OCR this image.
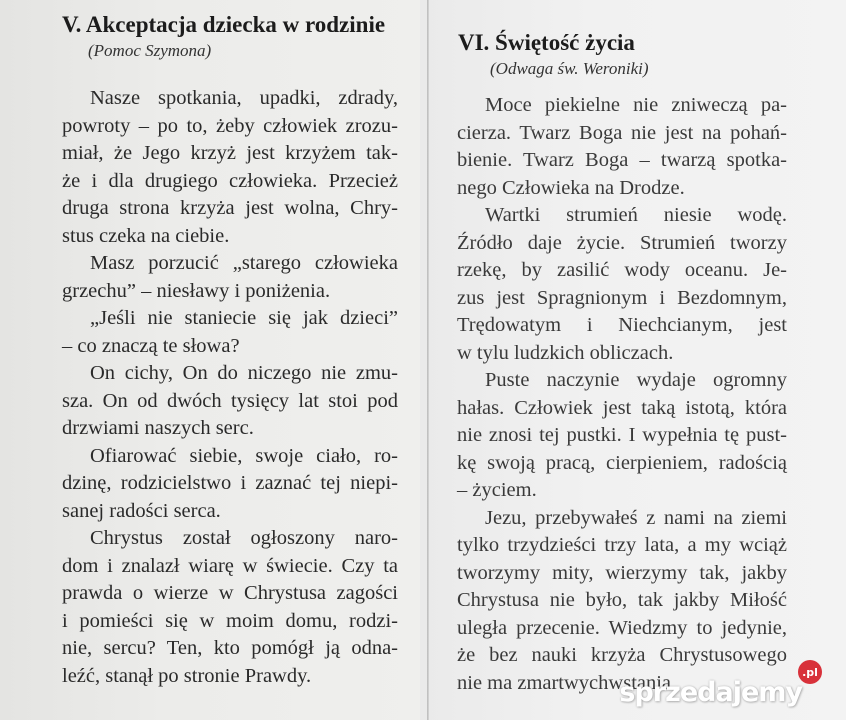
V. Akceptacja dziecka w rodzinie
(Pomoc Szymona)
Nasze spotkania, upadki, zdrady,
powroty – po to, żeby człowiek zrozu-
miał, że Jego krzyż jest krzyżem tak-
że i dla drugiego człowieka. Przecież
druga strona krzyża jest wolna, Chry-
stus czeka na ciebie.
Masz porzucić „starego człowieka
grzechu” – niesławy i poniżenia.
„Jeśli nie staniecie się jak dzieci”
– co znaczą te słowa?
On cichy, On do niczego nie zmu-
sza. On od dwóch tysięcy lat stoi pod
drzwiami naszych serc.
Ofiarować siebie, swoje ciało, ro-
dzinę, rodzicielstwo i zaznać tej niepi-
sanej radości serca.
Chrystus został ogłoszony naro-
dom i znalazł wiarę w świecie. Czy ta
prawda o wierze w Chrystusa zagości
i pomieści się w moim domu, rodzi-
nie, sercu? Ten, kto pomógł ją odna-
leźć, stanął po stronie Prawdy.
VI. Świętość życia
(Odwaga św. Weroniki)
Moce piekielne nie zniweczą pa-
cierza. Twarz Boga nie jest na pohań-
bienie. Twarz Boga – twarzą spotka-
nego Człowieka na Drodze.
Wartki strumień niesie wodę.
Źródło daje życie. Strumień tworzy
rzekę, by zasilić wody oceanu. Je-
zus jest Spragnionym i Bezdomnym,
Trędowatym i Niechcianym, jest
w tylu ludzkich obliczach.
Puste naczynie wydaje ogromny
hałas. Człowiek jest taką istotą, która
nie znosi tej pustki. I wypełnia tę pust-
kę swoją pracą, cierpieniem, radością
– życiem.
Jezu, przebywałeś z nami na ziemi
tylko trzydzieści trzy lata, a my wciąż
tworzymy mity, wierzymy tak, jakby
Chrystusa nie było, tak jakby Miłość
uległa przecenie. Wiedzmy to jedynie,
że bez nauki krzyża Chrystusowego
nie ma zmartwychwstania.
sprzedajemy
.pl
